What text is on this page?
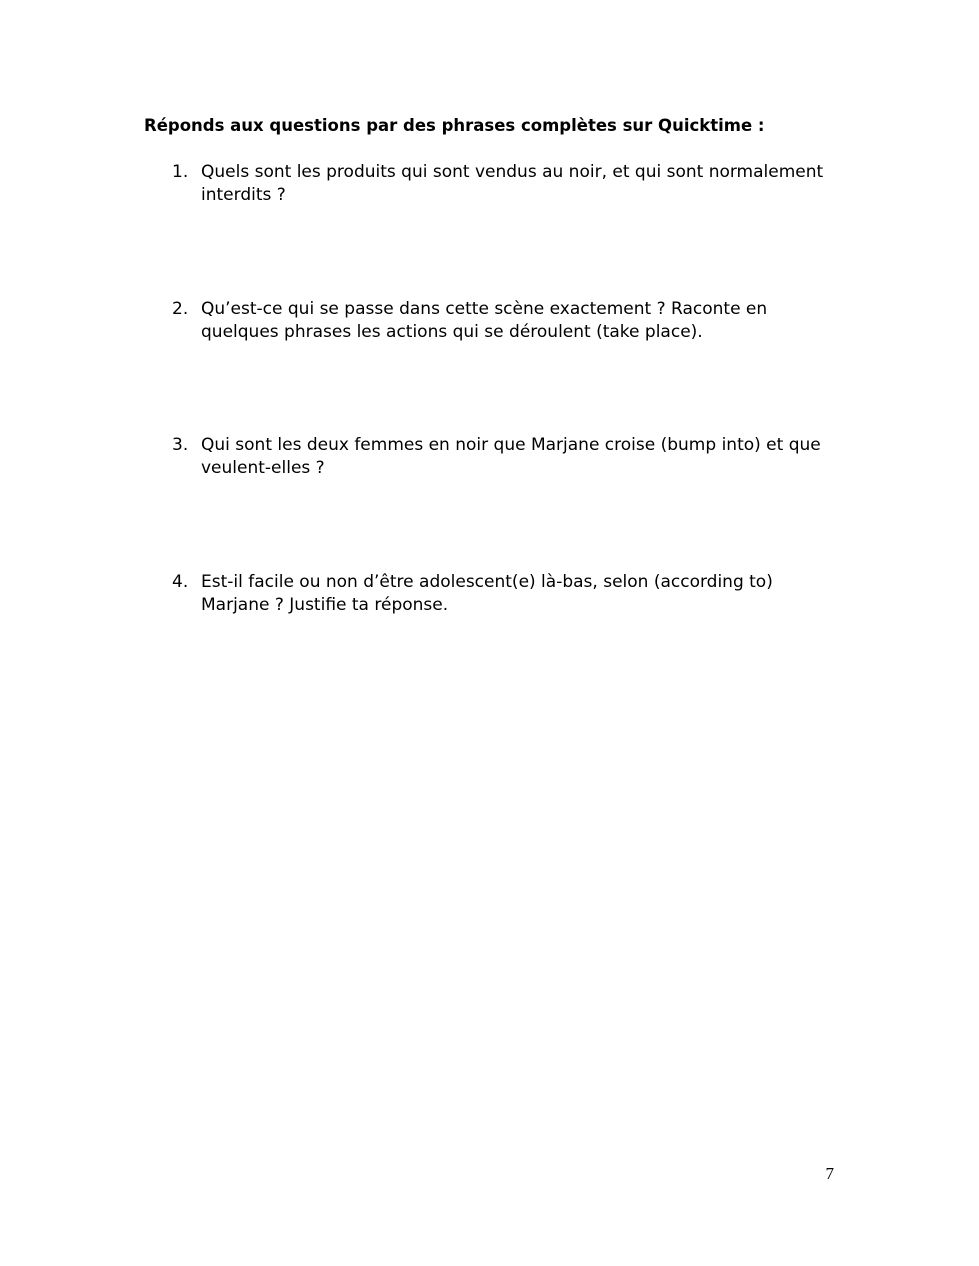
Réponds aux questions par des phrases complètes sur Quicktime :
1. Quels sont les produits qui sont vendus au noir, et qui sont normalement interdits ?
2. Qu’est-ce qui se passe dans cette scène exactement ? Raconte en quelques phrases les actions qui se déroulent (take place).
3. Qui sont les deux femmes en noir que Marjane croise (bump into) et que veulent-elles ?
4. Est-il facile ou non d’être adolescent(e) là-bas, selon (according to) Marjane ? Justifie ta réponse.
7
